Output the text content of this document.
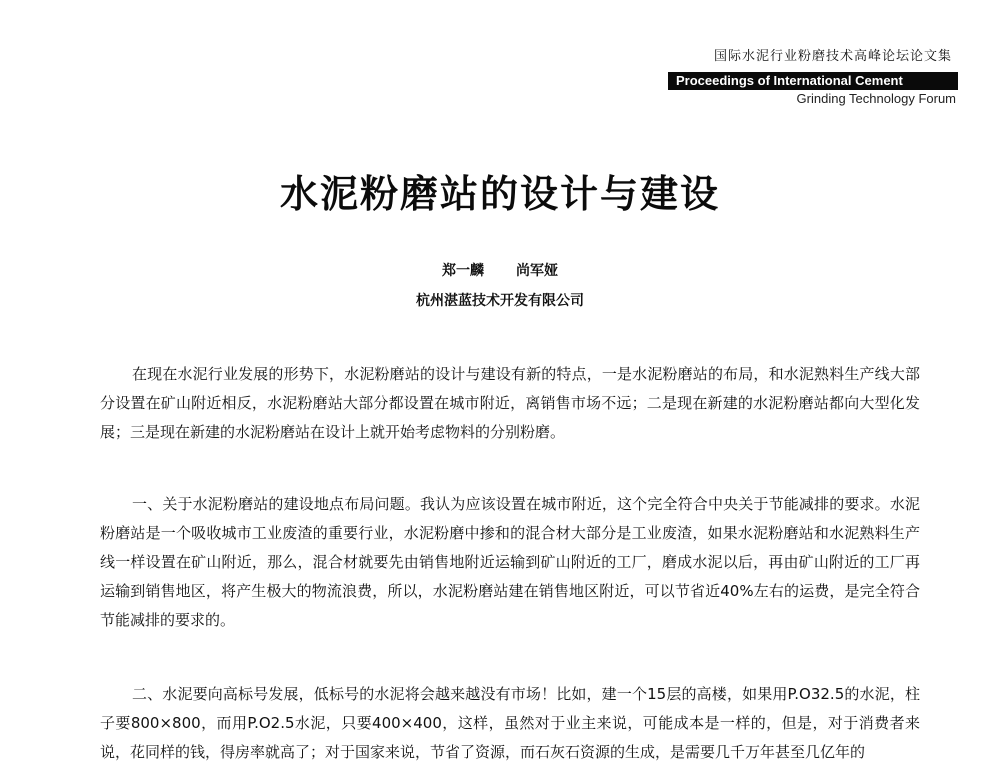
国际水泥行业粉磨技术高峰论坛论文集
Proceedings of International Cement
Grinding Technology Forum
水泥粉磨站的设计与建设
郑一麟 尚军娅
杭州湛蓝技术开发有限公司

在现在水泥行业发展的形势下，水泥粉磨站的设计与建设有新的特点，一是水泥粉磨站的布局，和水泥熟料生产线大部分设置在矿山附近相反，水泥粉磨站大部分都设置在城市附近，离销售市场不远；二是现在新建的水泥粉磨站都向大型化发展；三是现在新建的水泥粉磨站在设计上就开始考虑物料的分别粉磨。

一、关于水泥粉磨站的建设地点布局问题。我认为应该设置在城市附近，这个完全符合中央关于节能减排的要求。水泥粉磨站是一个吸收城市工业废渣的重要行业，水泥粉磨中掺和的混合材大部分是工业废渣，如果水泥粉磨站和水泥熟料生产线一样设置在矿山附近，那么，混合材就要先由销售地附近运输到矿山附近的工厂，磨成水泥以后，再由矿山附近的工厂再运输到销售地区，将产生极大的物流浪费，所以，水泥粉磨站建在销售地区附近，可以节省近40%左右的运费，是完全符合节能减排的要求的。

二、水泥要向高标号发展，低标号的水泥将会越来越没有市场！比如，建一个15层的高楼，如果用P.O32.5的水泥，柱子要800×800，而用P.O2.5水泥，只要400×400，这样，虽然对于业主来说，可能成本是一样的，但是，对于消费者来说，花同样的钱，得房率就高了；对于国家来说，节省了资源，而石灰石资源的生成，是需要几千万年甚至几亿年的
